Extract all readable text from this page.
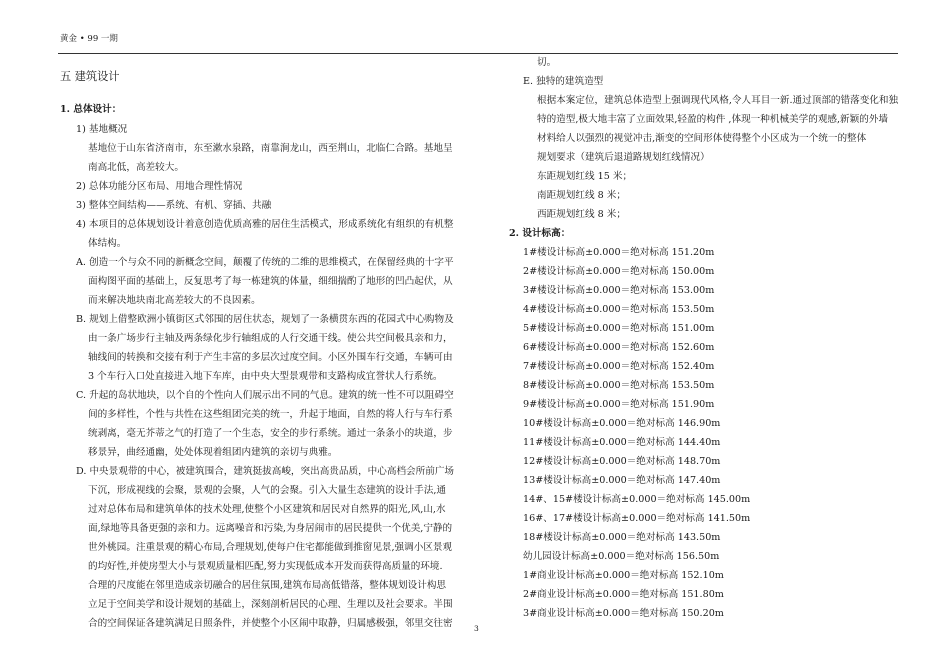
黄金 • 99 一期
五 建筑设计
1. 总体设计：
1) 基地概况
基地位于山东省济南市，东至漱水泉路，南靠涧龙山，西至荆山，北临仁合路。基地呈
南高北低，高差较大。
2) 总体功能分区布局、用地合理性情况
3) 整体空间结构——系统、有机、穿插、共融
4) 本项目的总体规划设计着意创造优质高雅的居住生活模式，形成系统化有组织的有机整
体结构。
A. 创造一个与众不同的新概念空间，颠覆了传统的二维的思维模式，在保留经典的十字平
面构图平面的基础上，反复思考了每一栋建筑的体量，细细揣酌了地形的凹凸起伏，从
而来解决地块南北高差较大的不良因素。
B. 规划上借整欧洲小镇街区式邻围的居住状态，规划了一条横贯东西的花园式中心购物及
由一条广场步行主轴及两条绿化步行轴组成的人行交通干线。使公共空间极具亲和力，
轴线间的转换和交接有利于产生丰富的多层次过度空间。小区外围车行交通，车辆可由
3 个车行入口处直接进入地下车库，由中央大型景观带和支路构成宜誉状人行系统。
C. 升起的岛状地块，以个自的个性向人们展示出不同的气息。建筑的统一性不可以阻碍空
间的多样性，个性与共性在这些组团完美的统一，升起于地面，自然的将人行与车行系
统剥离，毫无芥蒂之气的打造了一个生态，安全的步行系统。通过一条条小的块道，步
移景异，曲经通幽，处处体现着组团内建筑的亲切与典雅。
D. 中央景观带的中心，被建筑围合，建筑挺拔高峻，突出高贵品质，中心高档会所前广场
下沉，形成视线的会聚，景观的会聚，人气的会聚。引入大量生态建筑的设计手法,通
过对总体布局和建筑单体的技术处理,使整个小区建筑和居民对自然界的阳光,风,山,水
面,绿地等具备更强的亲和力。远离噪音和污染,为身居闹市的居民提供一个优美,宁静的
世外桃园。注重景观的精心布局,合理规划,使每户住宅都能做到推窗见景,强调小区景观
的均好性,并使房型大小与景观质量相匹配,努力实现低成本开发而获得高质量的环境.
合理的尺度能在邻里造成亲切融合的居住氛围,建筑布局高低错落，整体规划设计构思
立足于空间美学和设计规划的基础上，深刻剖析居民的心理、生理以及社会要求。半围
合的空间保证各建筑满足日照条件，并使整个小区闹中取静，归属感极强，邻里交往密
切。
E. 独特的建筑造型
根据本案定位，建筑总体造型上强调现代风格,令人耳目一新.通过顶部的错落变化和独
特的造型,极大地丰富了立面效果,轻盈的构件 ,体现一种机械美学的观感,新颖的外墙
材料给人以强烈的视觉冲击,渐变的空间形体使得整个小区成为一个统一的整体
规划要求（建筑后退道路规划红线情况）
东距规划红线 15 米；
南距规划红线 8 米；
西距规划红线 8 米；
2. 设计标高：
1#楼设计标高±0.000＝绝对标高 151.20m
2#楼设计标高±0.000＝绝对标高 150.00m
3#楼设计标高±0.000＝绝对标高 153.00m
4#楼设计标高±0.000＝绝对标高 153.50m
5#楼设计标高±0.000＝绝对标高 151.00m
6#楼设计标高±0.000＝绝对标高 152.60m
7#楼设计标高±0.000＝绝对标高 152.40m
8#楼设计标高±0.000＝绝对标高 153.50m
9#楼设计标高±0.000＝绝对标高 151.90m
10#楼设计标高±0.000＝绝对标高 146.90m
11#楼设计标高±0.000＝绝对标高 144.40m
12#楼设计标高±0.000＝绝对标高 148.70m
13#楼设计标高±0.000＝绝对标高 147.40m
14#、15#楼设计标高±0.000＝绝对标高 145.00m
16#、17#楼设计标高±0.000＝绝对标高 141.50m
18#楼设计标高±0.000＝绝对标高 143.50m
幼儿园设计标高±0.000＝绝对标高 156.50m
1#商业设计标高±0.000＝绝对标高 152.10m
2#商业设计标高±0.000＝绝对标高 151.80m
3#商业设计标高±0.000＝绝对标高 150.20m
3
